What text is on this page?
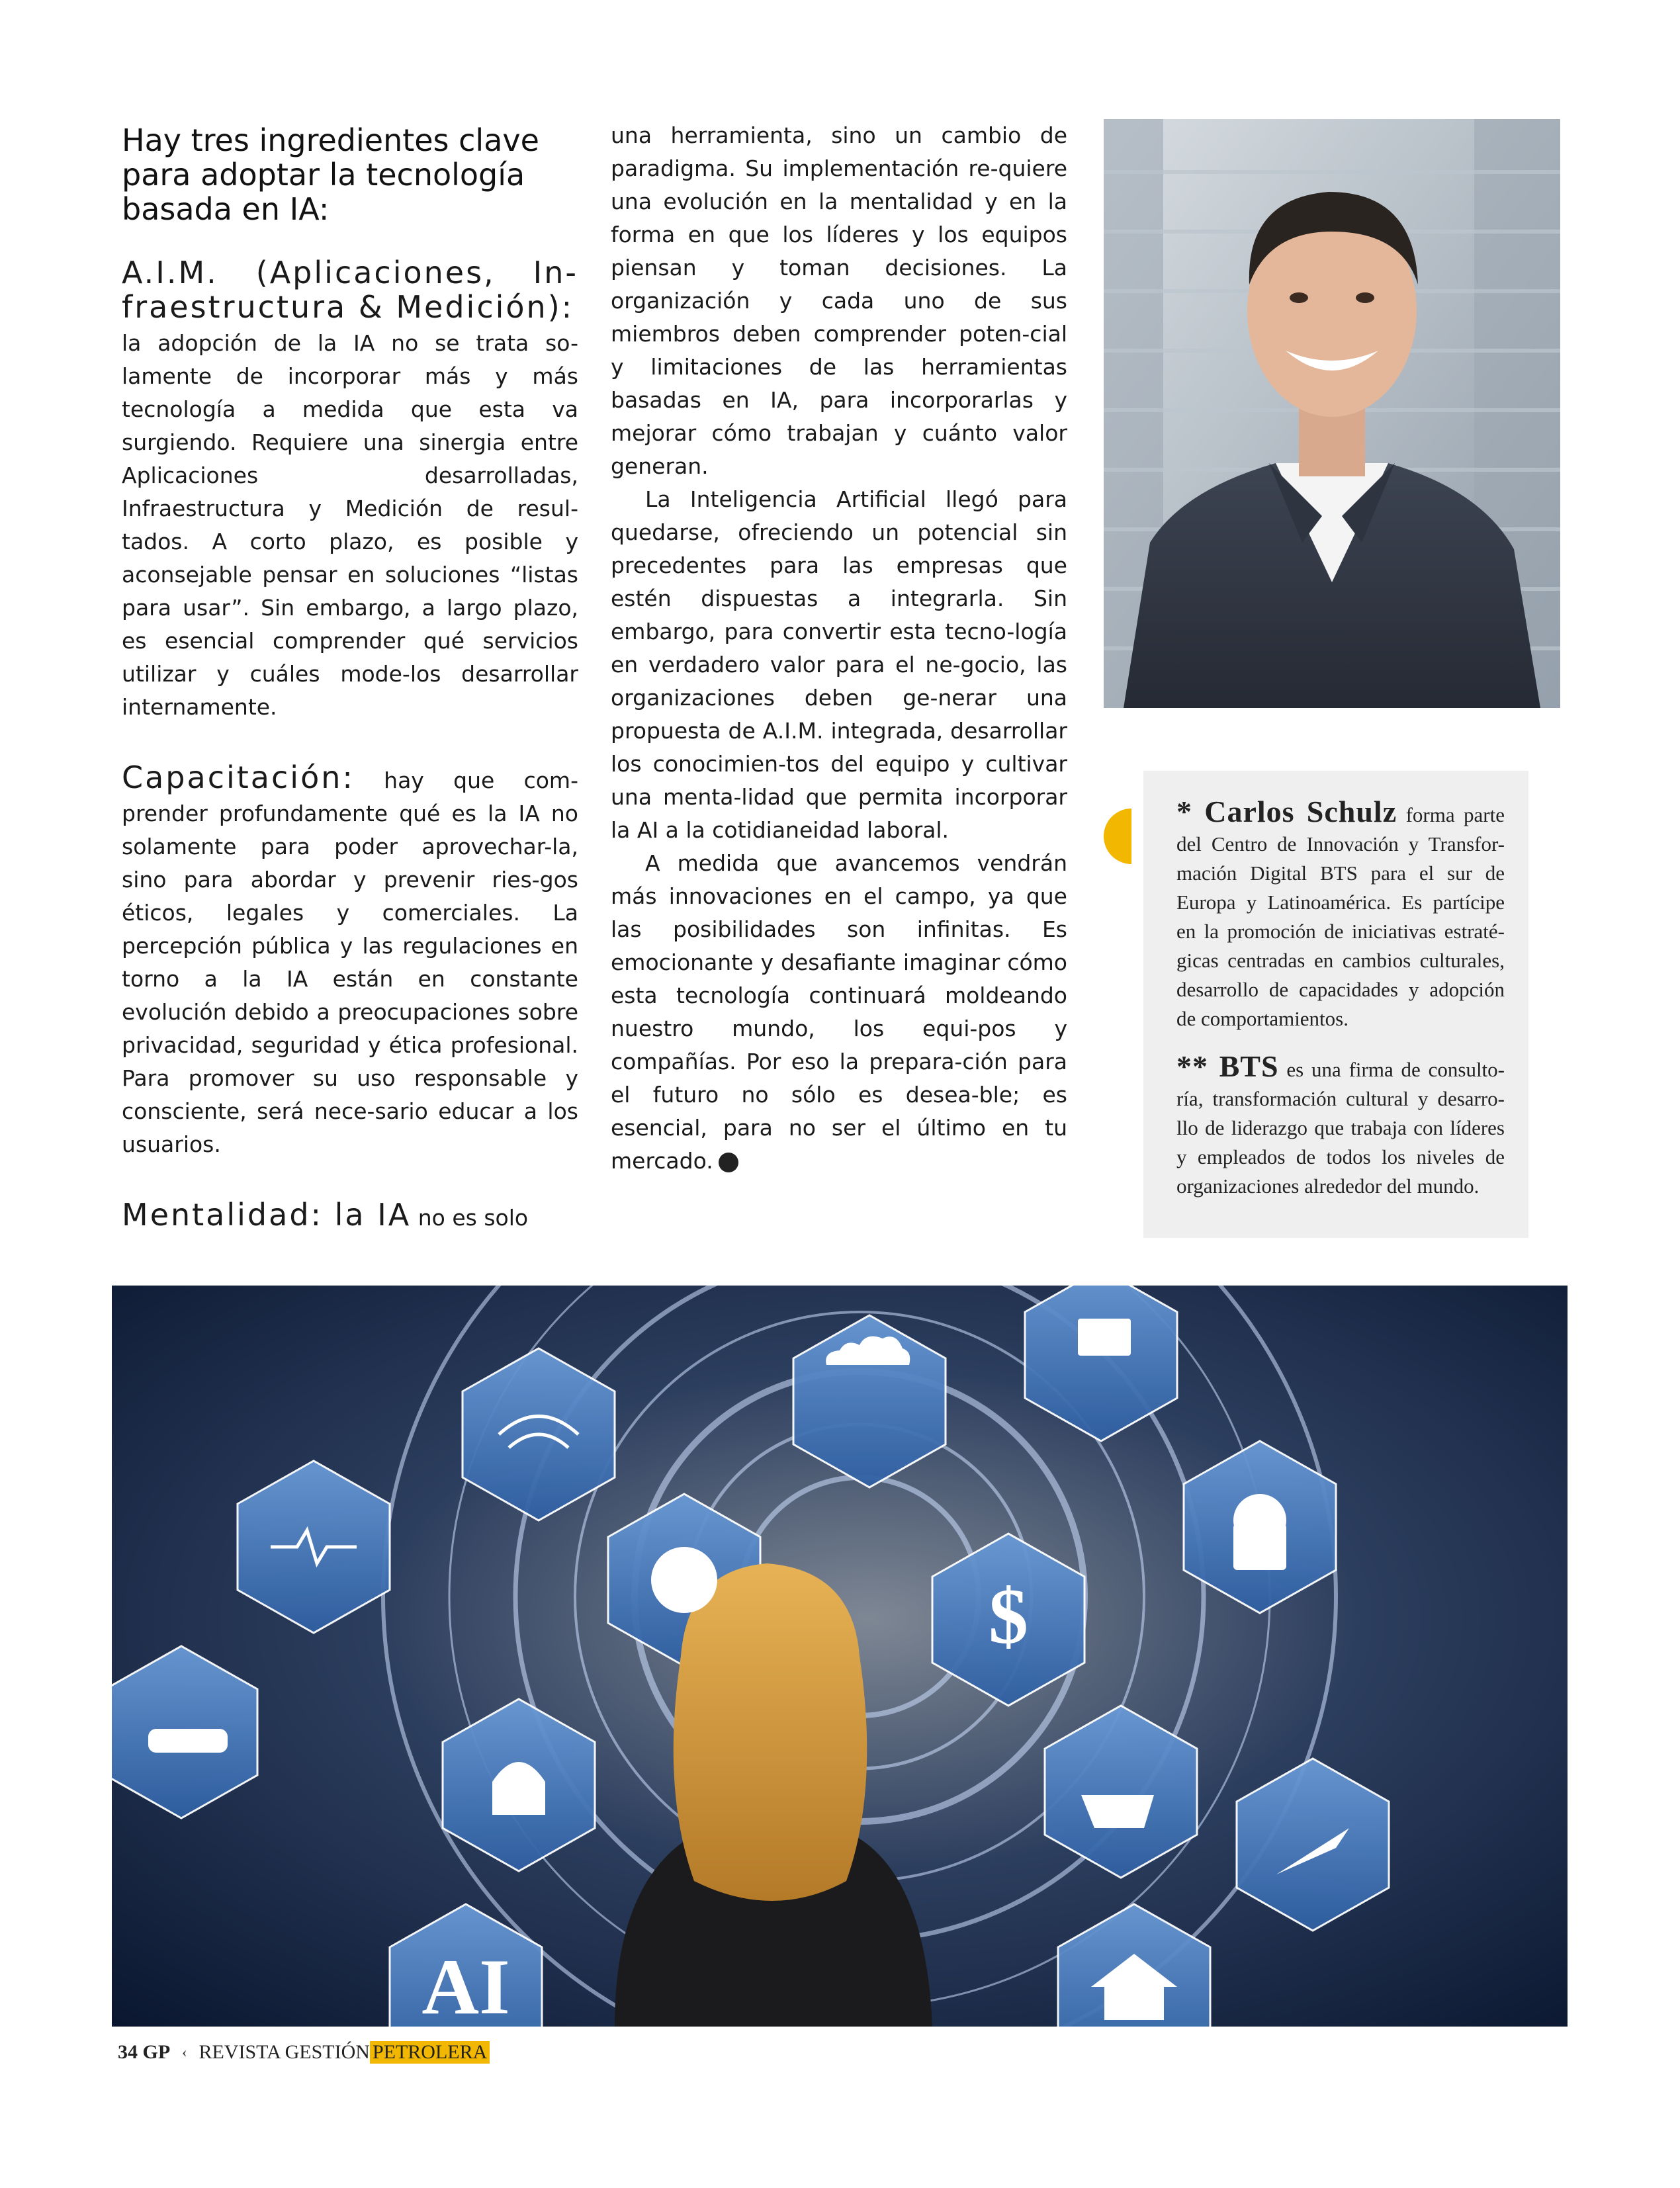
Hay tres ingredientes clave para adoptar la tecnología basada en IA:

A.I.M. (Aplicaciones, In-fraestructura & Medición):
la adopción de la IA no se trata so-lamente de incorporar más y más tecnología a medida que esta va surgiendo. Requiere una sinergia entre Aplicaciones desarrolladas, Infraestructura y Medición de resul-tados. A corto plazo, es posible y aconsejable pensar en soluciones “listas para usar”. Sin embargo, a largo plazo, es esencial comprender qué servicios utilizar y cuáles mode-los desarrollar internamente.

Capacitación: hay que com-prender profundamente qué es la IA no solamente para poder aprovechar-la, sino para abordar y prevenir ries-gos éticos, legales y comerciales. La percepción pública y las regulaciones en torno a la IA están en constante evolución debido a preocupaciones sobre privacidad, seguridad y ética profesional. Para promover su uso responsable y consciente, será nece-sario educar a los usuarios.

Mentalidad: la IA no es solo

una herramienta, sino un cambio de paradigma. Su implementación re-quiere una evolución en la mentalidad y en la forma en que los líderes y los equipos piensan y toman decisiones. La organización y cada uno de sus miembros deben comprender poten-cial y limitaciones de las herramientas basadas en IA, para incorporarlas y mejorar cómo trabajan y cuánto valor generan.

La Inteligencia Artificial llegó para quedarse, ofreciendo un potencial sin precedentes para las empresas que estén dispuestas a integrarla. Sin embargo, para convertir esta tecno-logía en verdadero valor para el ne-gocio, las organizaciones deben ge-nerar una propuesta de A.I.M. integrada, desarrollar los conocimien-tos del equipo y cultivar una menta-lidad que permita incorporar la AI a la cotidianeidad laboral.

A medida que avancemos vendrán más innovaciones en el campo, ya que las posibilidades son infinitas. Es emocionante y desafiante imaginar cómo esta tecnología continuará moldeando nuestro mundo, los equi-pos y compañías. Por eso la prepara-ción para el futuro no sólo es desea-ble; es esencial, para no ser el último en tu mercado.	GP

* Carlos Schulz forma parte del Centro de Innovación y Transfor-mación Digital BTS para el sur de Europa y Latinoamérica. Es partícipe en la promoción de iniciativas estraté-gicas centradas en cambios culturales, desarrollo de capacidades y adopción de comportamientos.

** BTS es una firma de consulto-ría, transformación cultural y desarro-llo de liderazgo que trabaja con líderes y empleados de todos los niveles de organizaciones alrededor del mundo.

$
AI
34 GP ‹ REVISTA GESTIÓN PETROLERA
